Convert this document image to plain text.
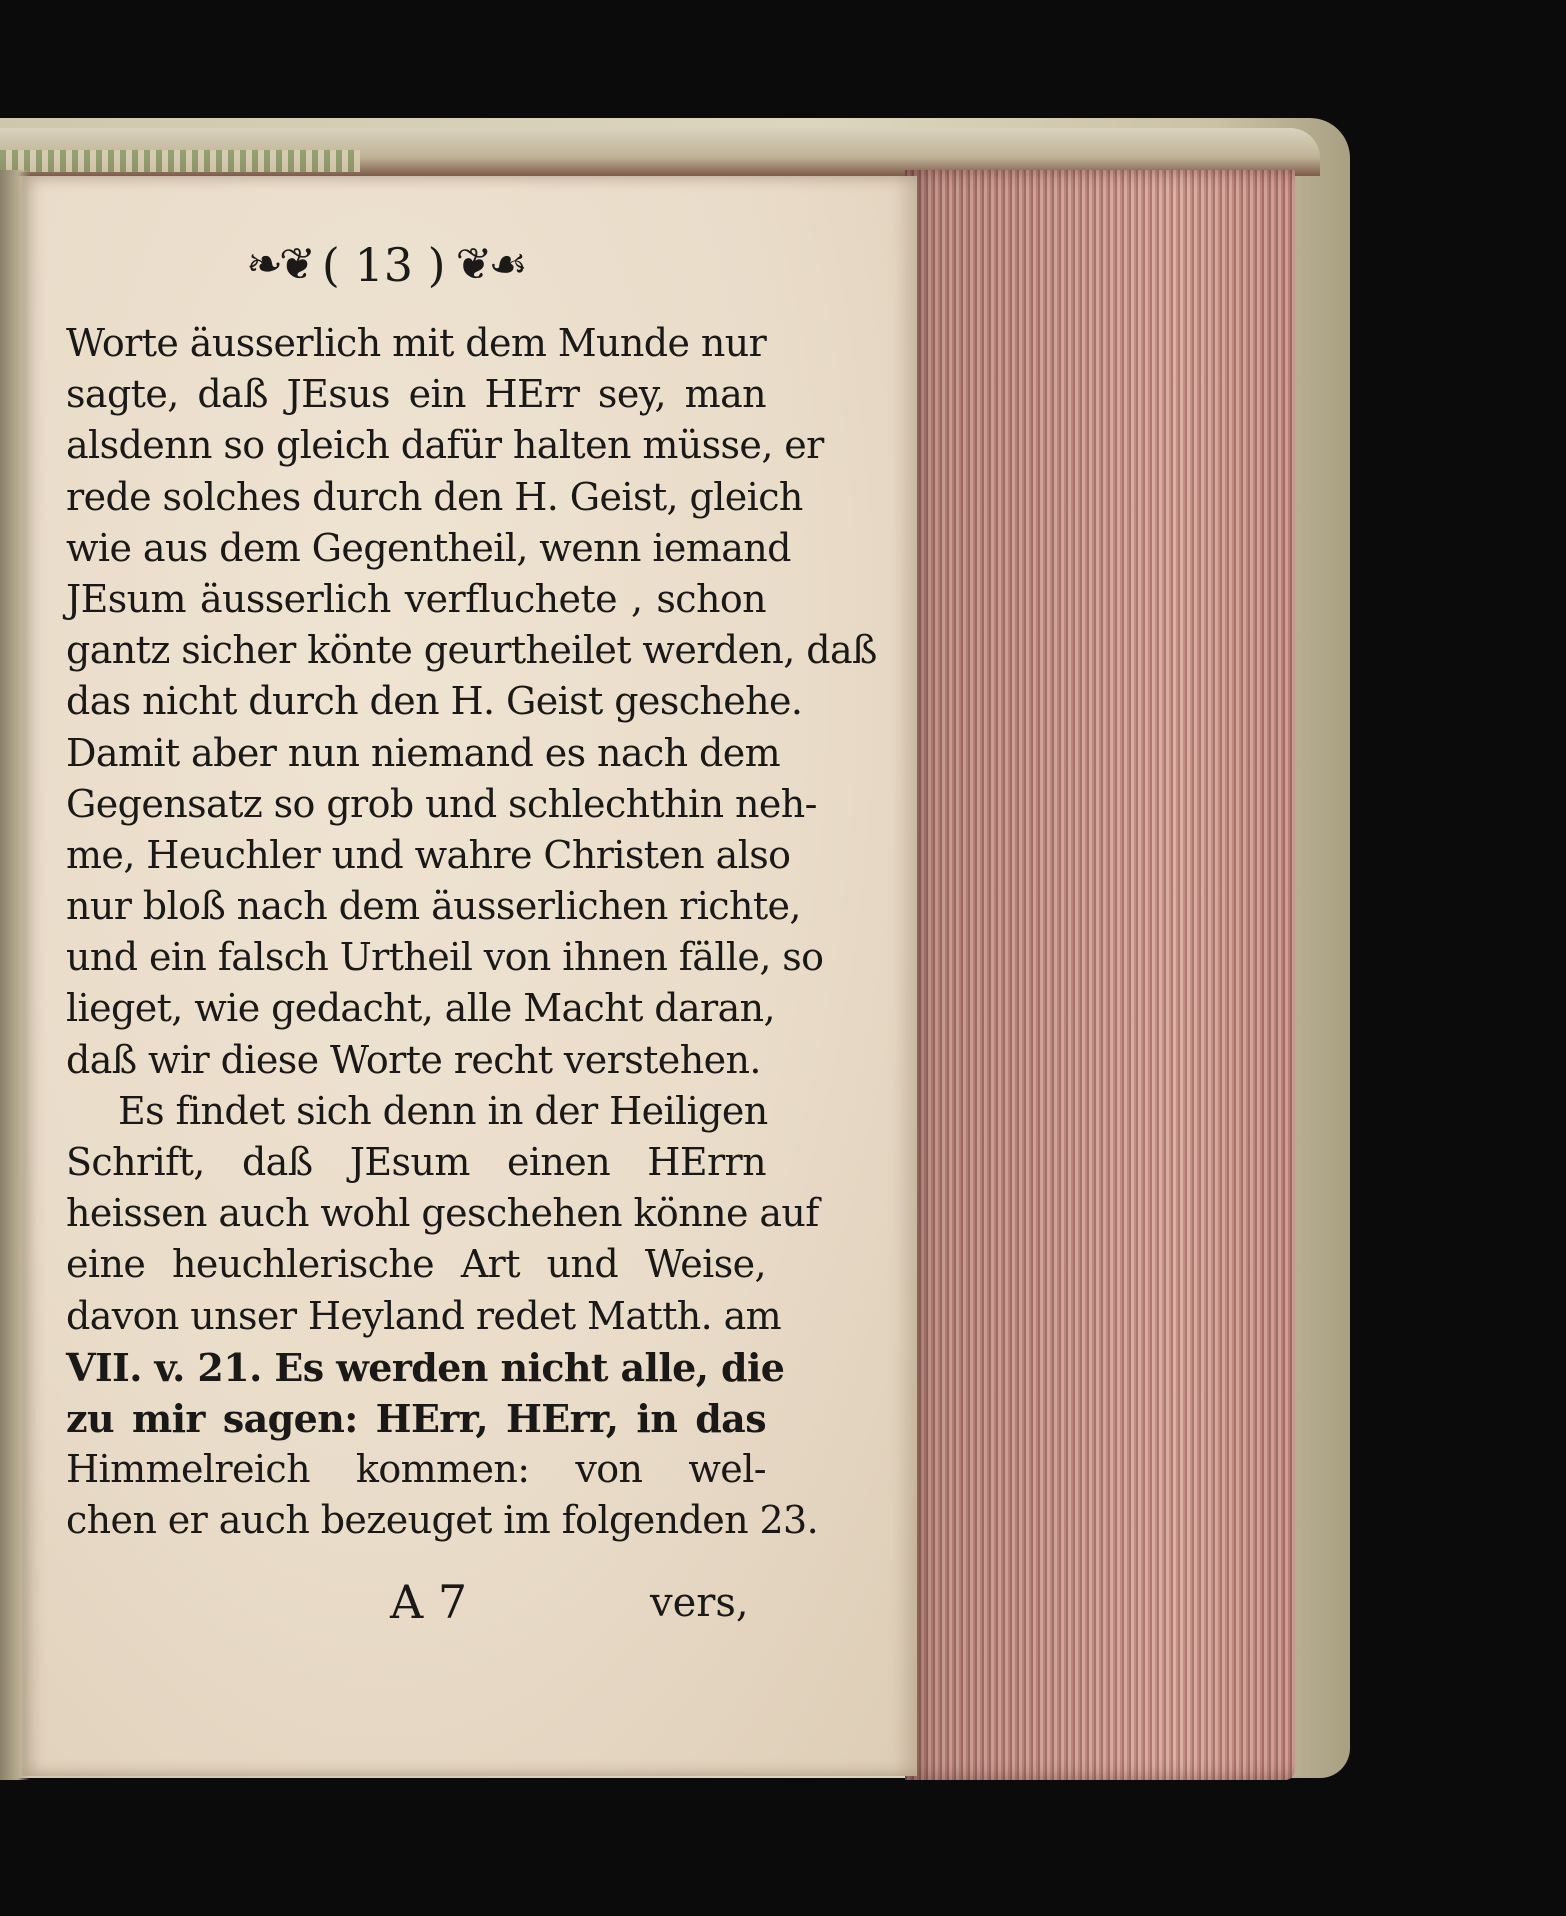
❧❦ ( 13 ) ❦☙
Worte äusserlich mit dem Munde nur
sagte, daß JEsus ein HErr sey, man
alsdenn so gleich dafür halten müsse, er
rede solches durch den H. Geist, gleich
wie aus dem Gegentheil, wenn iemand
JEsum äusserlich verfluchete , schon
gantz sicher könte geurtheilet werden, daß
das nicht durch den H. Geist geschehe.
Damit aber nun niemand es nach dem
Gegensatz so grob und schlechthin neh-
me, Heuchler und wahre Christen also
nur bloß nach dem äusserlichen richte,
und ein falsch Urtheil von ihnen fälle, so
lieget, wie gedacht, alle Macht daran,
daß wir diese Worte recht verstehen.
Es findet sich denn in der Heiligen
Schrift, daß JEsum einen HErrn
heissen auch wohl geschehen könne auf
eine heuchlerische Art und Weise,
davon unser Heyland redet Matth. am
VII. v. 21. Es werden nicht alle, die
zu mir sagen: HErr, HErr, in das
Himmelreich kommen: von wel-
chen er auch bezeuget im folgenden 23.
A 7	vers,
